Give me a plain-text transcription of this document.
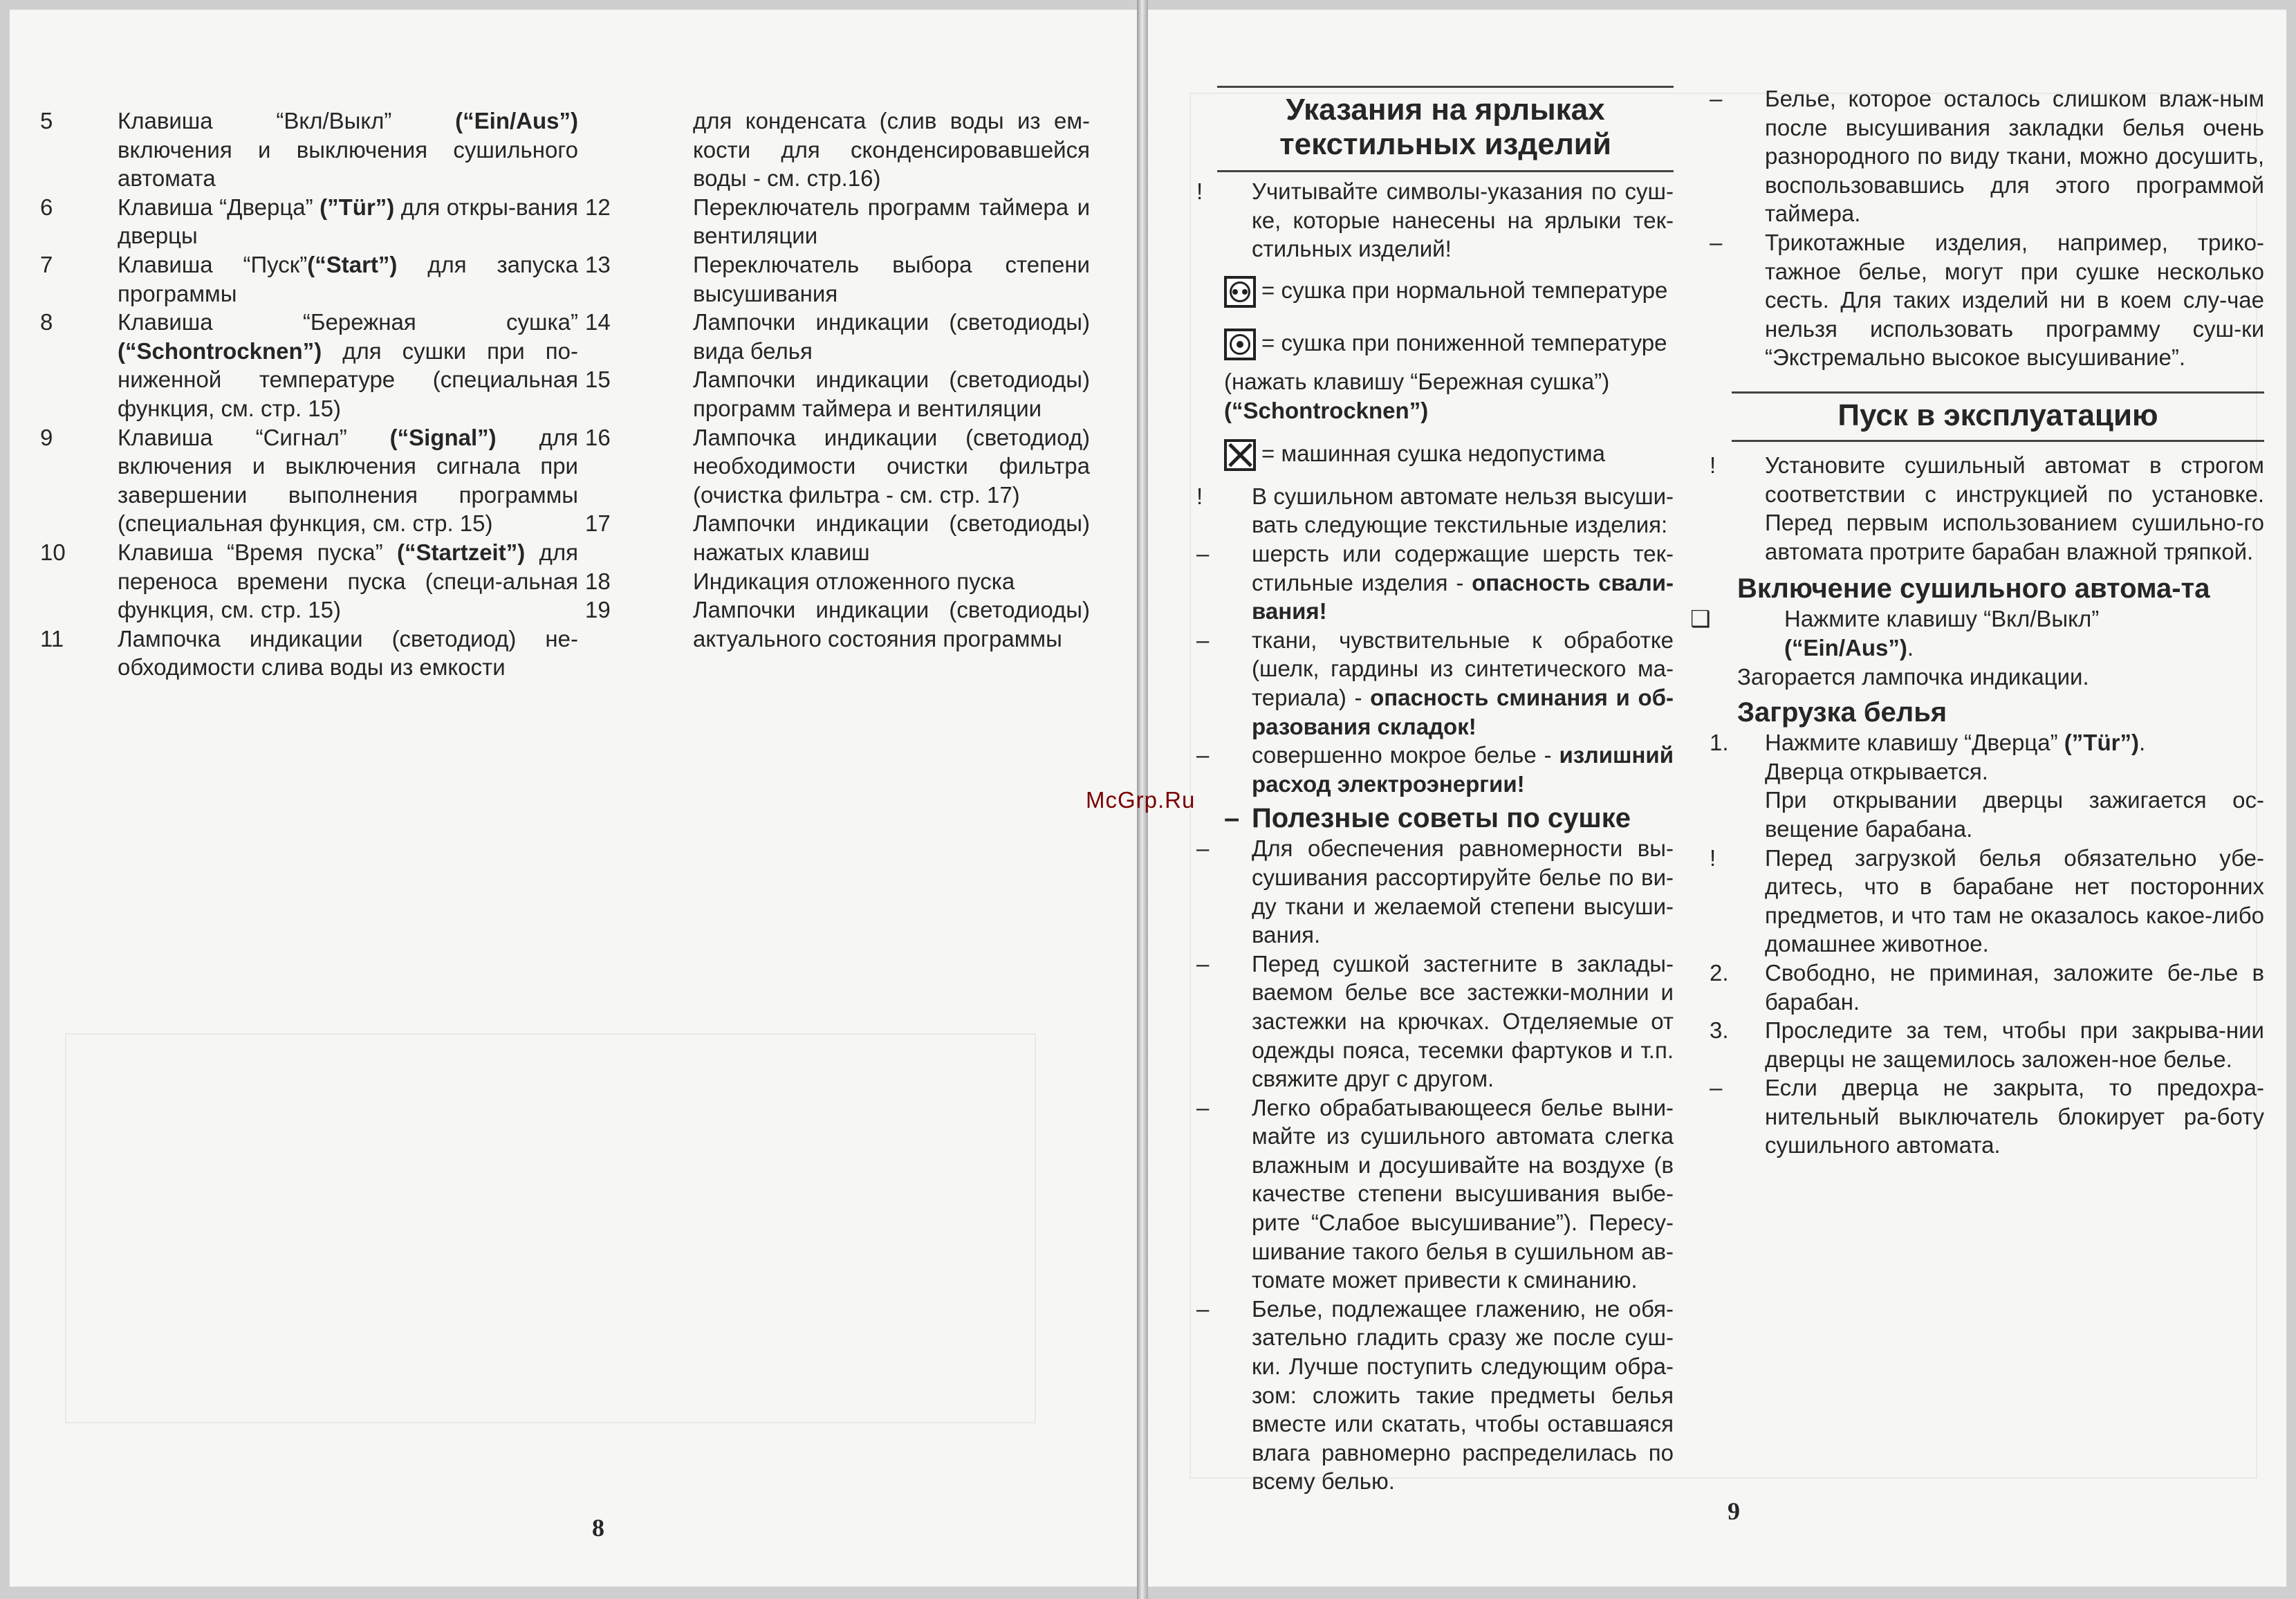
5	Клавиша “Вкл/Выкл” (“Ein/Aus”) включения и выключения сушильного автомата
6	Клавиша “Дверца” (”Tür”) для откры-вания дверцы
7	Клавиша “Пуск”(“Start”) для запуска программы
8	Клавиша “Бережная сушка” (“Schontrocknen”) для сушки при по-ниженной температуре (специальная функция, см. стр. 15)
9	Клавиша “Сигнал” (“Signal”) для включения и выключения сигнала при завершении выполнения программы (специальная функция, см. стр. 15)
10 Клавиша “Время пуска” (“Startzeit”) для переноса времени пуска (специ-альная функция, см. стр. 15)
11 Лампочка индикации (светодиод) не-обходимости слива воды из емкости
для конденсата (слив воды из ем-кости для сконденсировавшейся воды - см. стр.16)
12	Переключатель программ таймера и вентиляции
13	Переключатель выбора степени высушивания
14	Лампочки индикации (светодиоды) вида белья
15	Лампочки индикации (светодиоды) программ таймера и вентиляции
16	Лампочка индикации (светодиод) необходимости очистки фильтра (очистка фильтра - см. стр. 17)
17	Лампочки индикации (светодиоды) нажатых клавиш
18	Индикация отложенного пуска
19	Лампочки индикации (светодиоды) актуального состояния программы
8
Указания на ярлыках
текстильных изделий
! Учитывайте символы-указания по суш-ке, которые нанесены на ярлыки тек-стильных изделий!
= сушка при нормальной температуре
= сушка при пониженной температуре
(нажать клавишу “Бережная сушка”)
(“Schontrocknen”)
= машинная сушка недопустима
! В сушильном автомате нельзя высуши-вать следующие текстильные изделия:
– шерсть или содержащие шерсть тек-стильные изделия - опасность свали-вания!
– ткани, чувствительные к обработке (шелк, гардины из синтетического ма-териала) - опасность сминания и об-разования складок!
– совершенно мокрое белье - излишний расход электроэнергии!
– Полезные советы по сушке
– Для обеспечения равномерности вы-сушивания рассортируйте белье по ви-ду ткани и желаемой степени высуши-вания.
– Перед сушкой застегните в заклады-ваемом белье все застежки-молнии и застежки на крючках. Отделяемые от одежды пояса, тесемки фартуков и т.п. свяжите друг с другом.
– Легко обрабатывающееся белье выни-майте из сушильного автомата слегка влажным и досушивайте на воздухе (в качестве степени высушивания выбе-рите “Слабое высушивание”). Пересу-шивание такого белья в сушильном ав-томате может привести к сминанию.
– Белье, подлежащее глажению, не обя-зательно гладить сразу же после суш-ки. Лучше поступить следующим обра-зом: сложить такие предметы белья вместе или скатать, чтобы оставшаяся влага равномерно распределилась по всему белью.
– Белье, которое осталось слишком влаж-ным после высушивания закладки белья очень разнородного по виду ткани, можно досушить, воспользовавшись для этого программой таймера.
– Трикотажные изделия, например, трико-тажное белье, могут при сушке несколько сесть. Для таких изделий ни в коем слу-чае нельзя использовать программу суш-ки “Экстремально высокое высушивание”.
Пуск в эксплуатацию
! Установите сушильный автомат в строгом соответствии с инструкцией по установке. Перед первым использованием сушильно-го автомата протрите барабан влажной тряпкой.
Включение сушильного автома-та
❑	Нажмите клавишу “Вкл/Выкл”
(“Ein/Aus”).
Загорается лампочка индикации.
Загрузка белья
1. Нажмите клавишу “Дверца” (”Tür”).
Дверца открывается.
При открывании дверцы зажигается ос-вещение барабана.
! Перед загрузкой белья обязательно убе-дитесь, что в барабане нет посторонних предметов, и что там не оказалось какое-либо домашнее животное.
2. Свободно, не приминая, заложите бе-лье в барабан.
3. Проследите за тем, чтобы при закрыва-нии дверцы не защемилось заложен-ное белье.
– Если дверца не закрыта, то предохра-нительный выключатель блокирует ра-боту сушильного автомата.
9
McGrp.Ru
